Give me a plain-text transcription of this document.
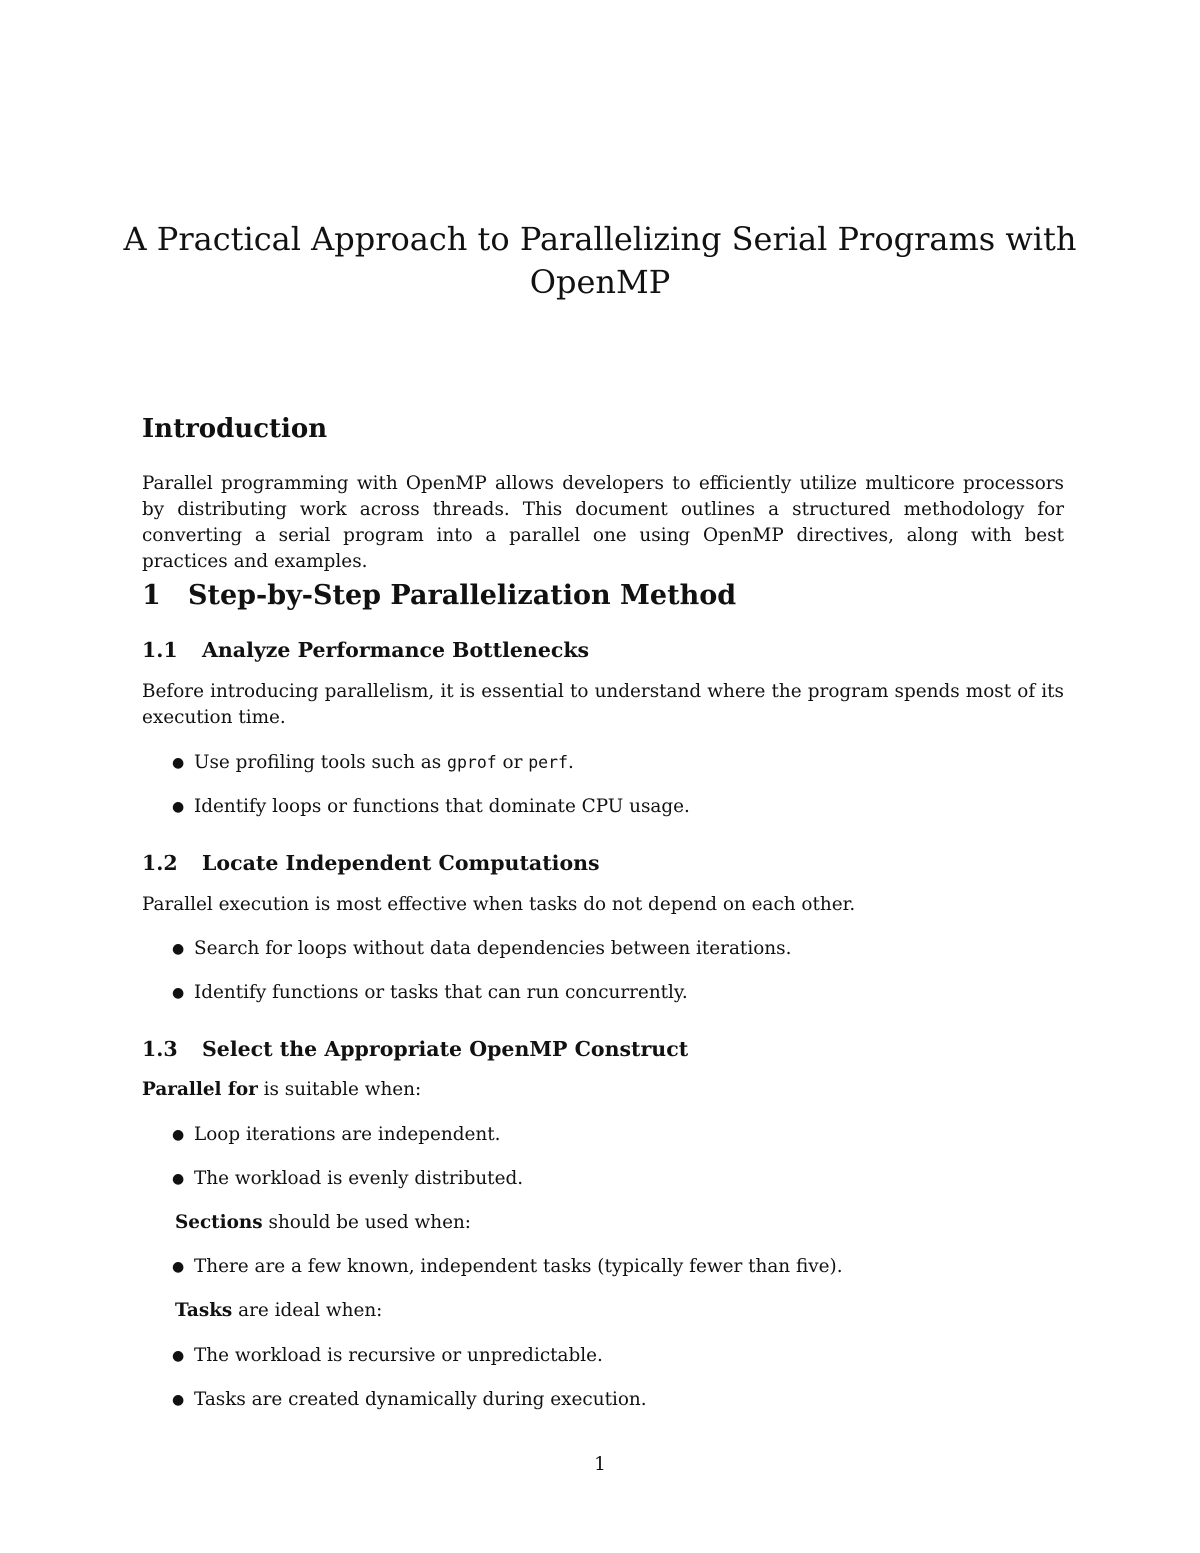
A Practical Approach to Parallelizing Serial Programs with OpenMP
Introduction

Parallel programming with OpenMP allows developers to efficiently utilize multicore processors by distributing work across threads. This document outlines a structured methodology for converting a serial program into a parallel one using OpenMP directives, along with best practices and examples.

1 Step-by-Step Parallelization Method
1.1 Analyze Performance Bottlenecks

Before introducing parallelism, it is essential to understand where the program spends most of its execution time.

● Use profiling tools such as gprof or perf.

● Identify loops or functions that dominate CPU usage.

1.2 Locate Independent Computations

Parallel execution is most effective when tasks do not depend on each other.

● Search for loops without data dependencies between iterations.

● Identify functions or tasks that can run concurrently.

1.3 Select the Appropriate OpenMP Construct

Parallel for is suitable when:

● Loop iterations are independent.

● The workload is evenly distributed.

Sections should be used when:

● There are a few known, independent tasks (typically fewer than five).

Tasks are ideal when:

● The workload is recursive or unpredictable.

● Tasks are created dynamically during execution.

1
